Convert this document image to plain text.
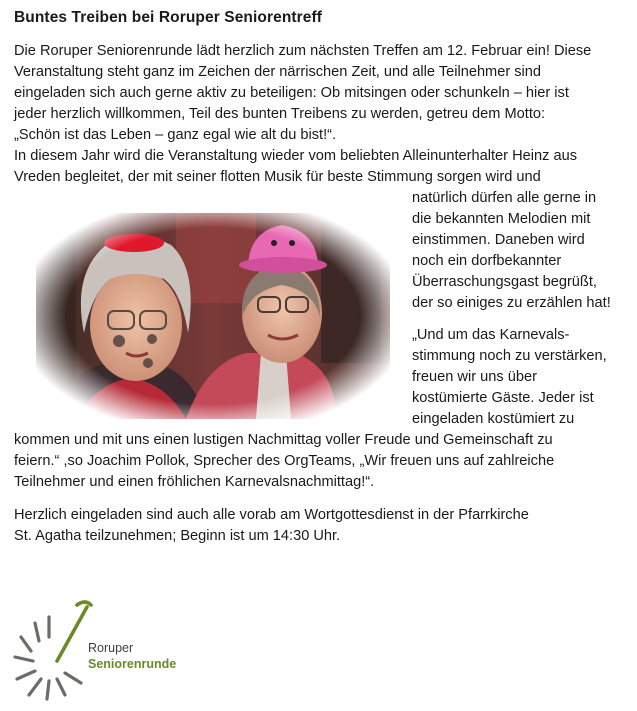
Buntes Treiben bei Roruper Seniorentreff
Die Roruper Seniorenrunde lädt herzlich zum nächsten Treffen am 12. Februar ein! Diese
Veranstaltung steht ganz im Zeichen der närrischen Zeit, und alle Teilnehmer sind
eingeladen sich auch gerne aktiv zu beteiligen: Ob mitsingen oder schunkeln – hier ist
jeder herzlich willkommen, Teil des bunten Treibens zu werden, getreu dem Motto:
„Schön ist das Leben – ganz egal wie alt du bist!“.
In diesem Jahr wird die Veranstaltung wieder vom beliebten Alleinunterhalter Heinz aus
Vreden begleitet, der mit seiner flotten Musik für beste Stimmung sorgen wird und
natürlich dürfen alle gerne in
die bekannten Melodien mit
einstimmen. Daneben wird
noch ein dorfbekannter
Überraschungsgast begrüßt,
der so einiges zu erzählen hat!
„Und um das Karnevals-
stimmung noch zu verstärken,
freuen wir uns über
kostümierte Gäste. Jeder ist
eingeladen kostümiert zu
kommen und mit uns einen lustigen Nachmittag voller Freude und Gemeinschaft zu
feiern.“ ,so Joachim Pollok, Sprecher des OrgTeams, „Wir freuen uns auf zahlreiche
Teilnehmer und einen fröhlichen Karnevalsnachmittag!“.
Herzlich eingeladen sind auch alle vorab am Wortgottesdienst in der Pfarrkirche
St. Agatha teilzunehmen; Beginn ist um 14:30 Uhr.
Roruper
Seniorenrunde
